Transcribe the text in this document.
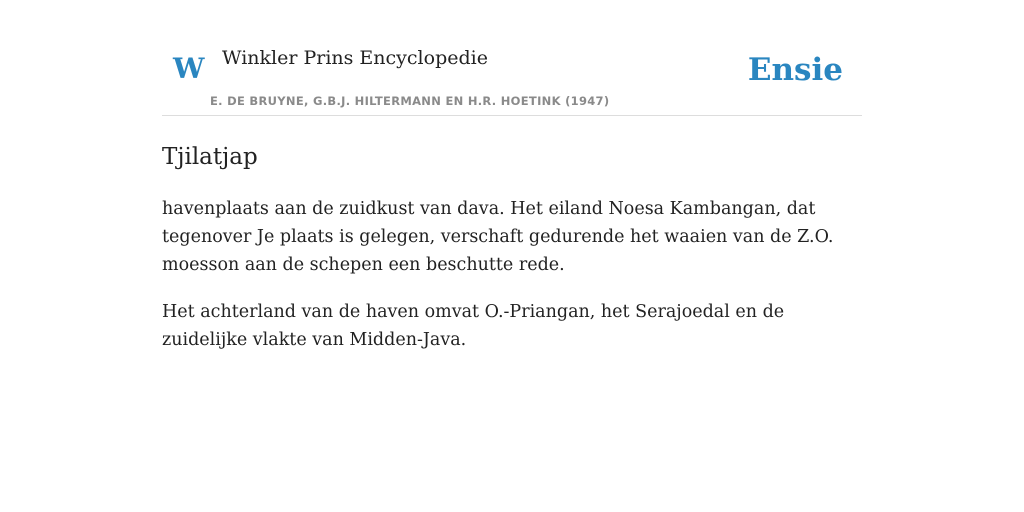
W Winkler Prins Encyclopedie
E. DE BRUYNE, G.B.J. HILTERMANN EN H.R. HOETINK (1947)
Ensie
Tjilatjap

havenplaats aan de zuidkust van dava. Het eiland Noesa Kambangan, dat tegenover Je plaats is gelegen, verschaft gedurende het waaien van de Z.O. moesson aan de schepen een beschutte rede.

Het achterland van de haven omvat O.-Priangan, het Serajoedal en de zuidelijke vlakte van Midden-Java.
